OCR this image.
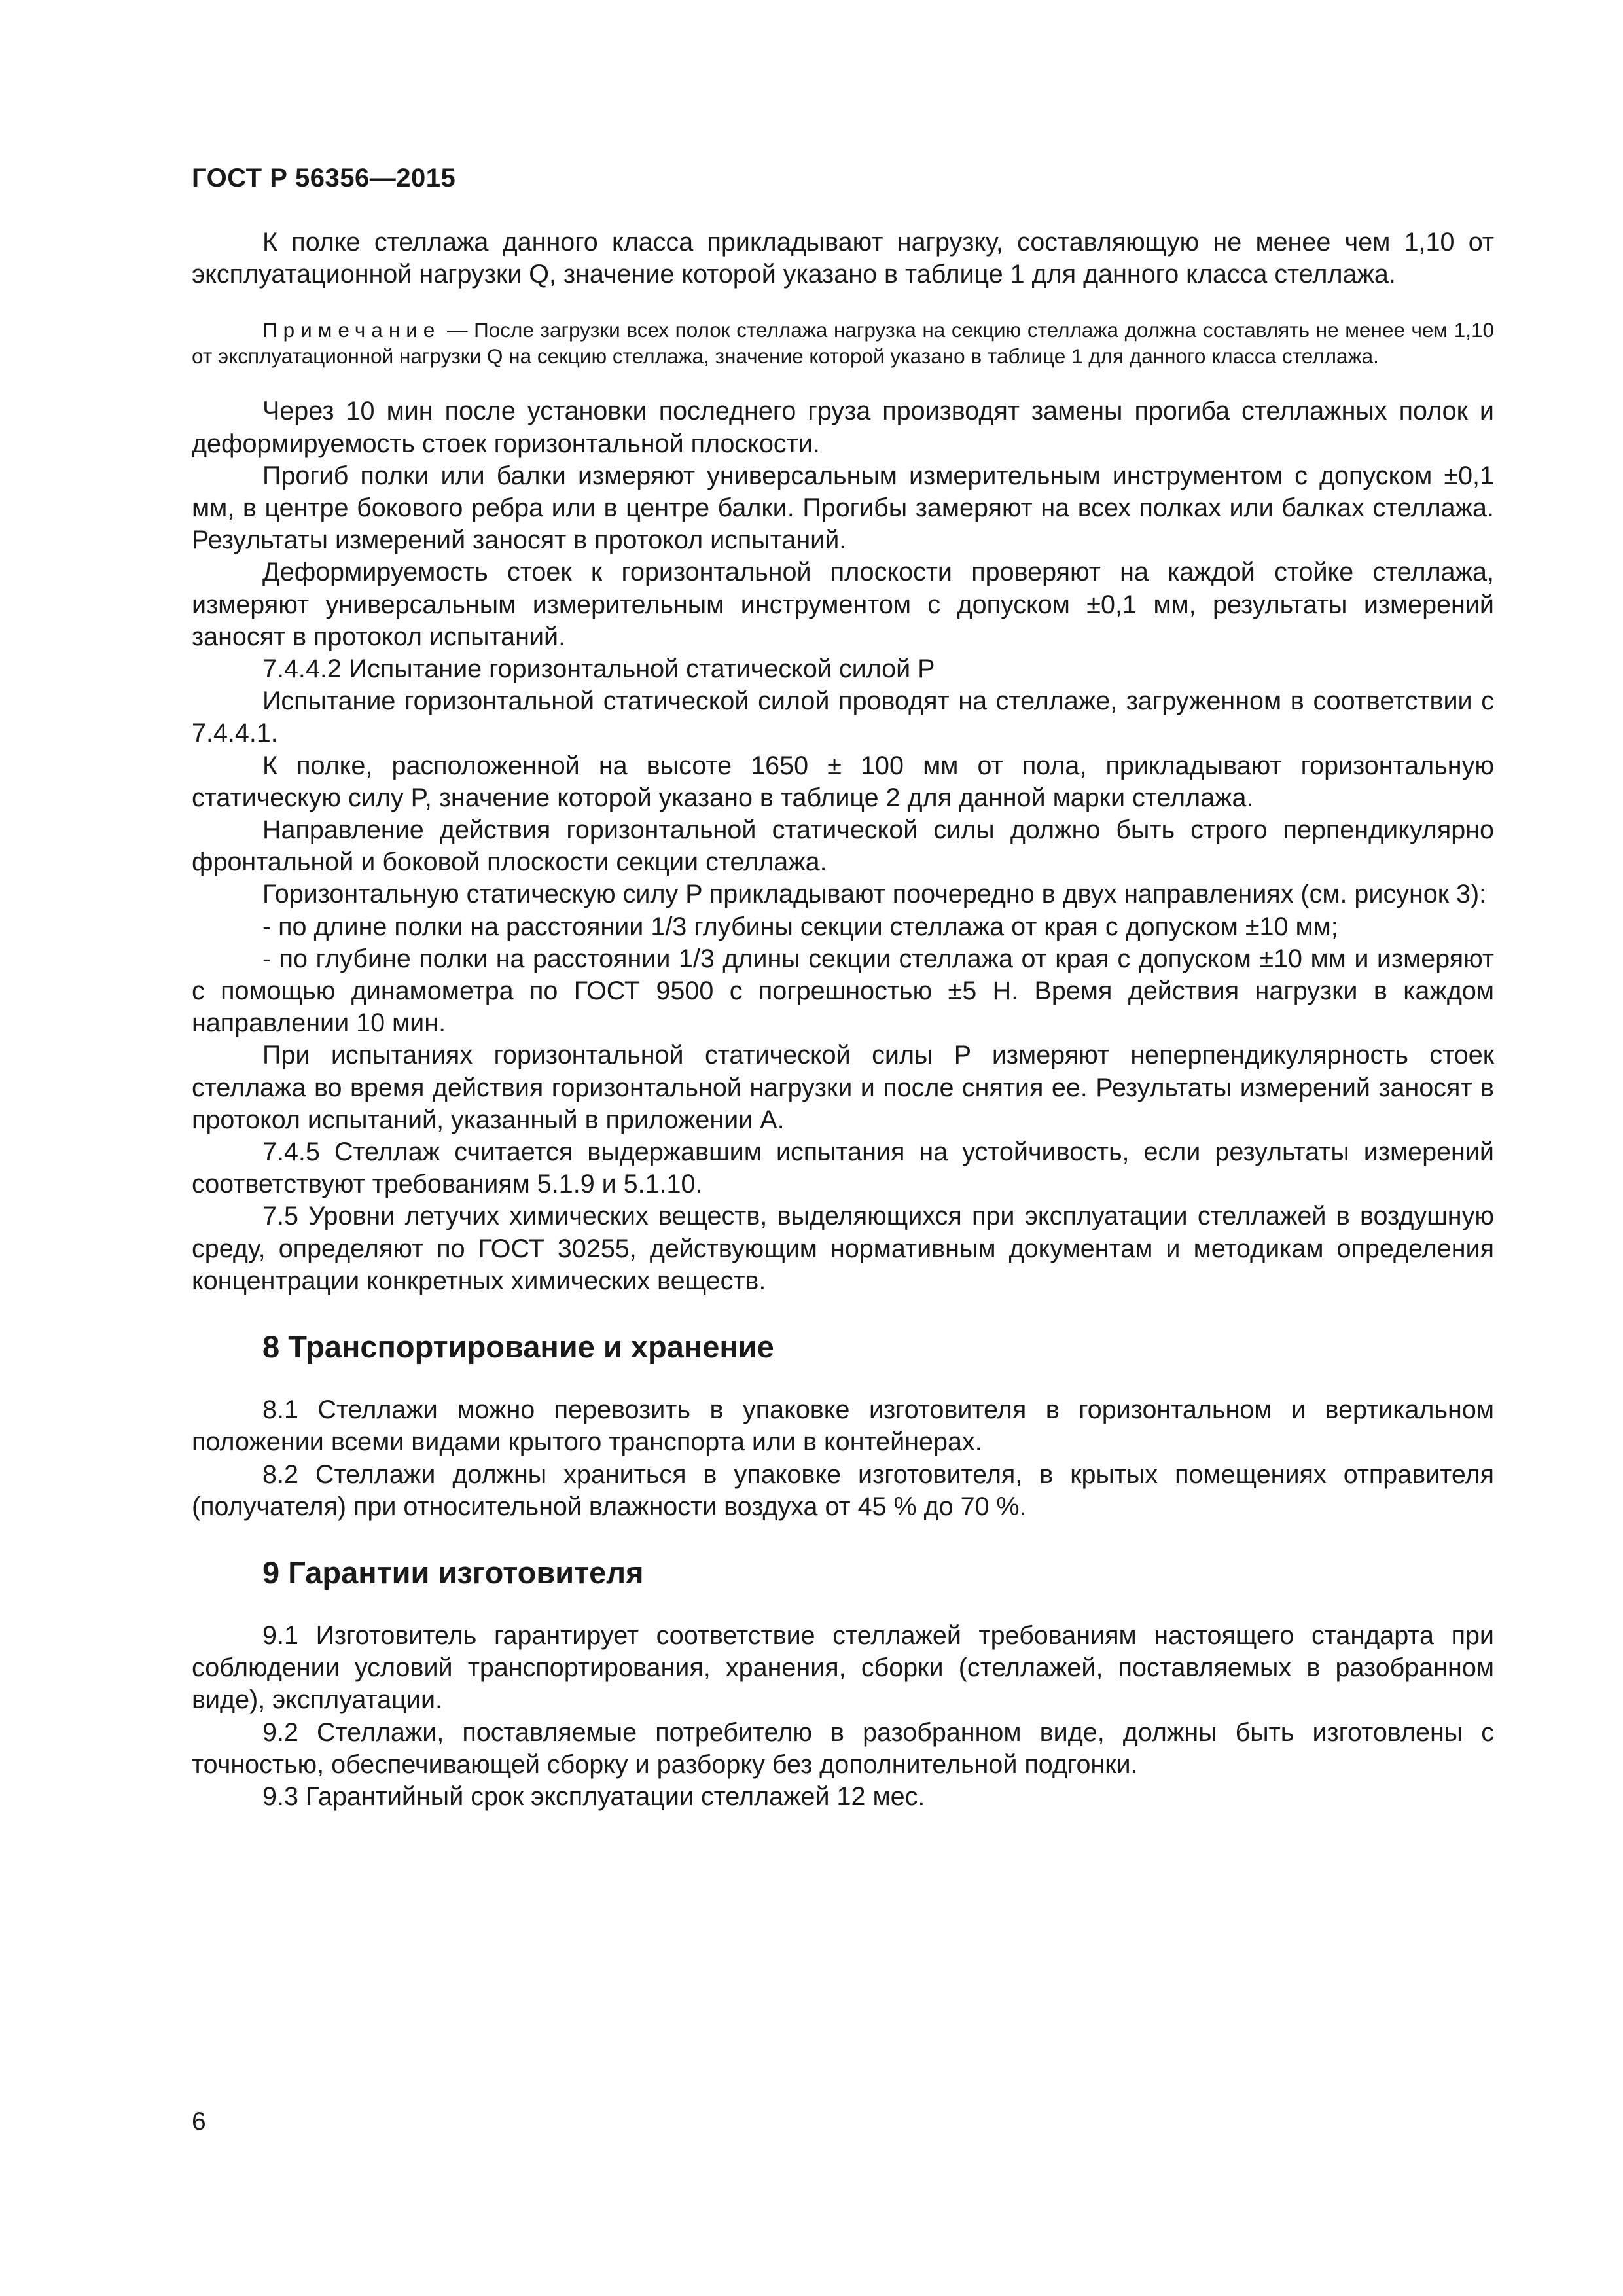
ГОСТ Р 56356—2015

К полке стеллажа данного класса прикладывают нагрузку, составляющую не менее чем 1,10 от эксплуатационной нагрузки Q, значение которой указано в таблице 1 для данного класса стеллажа.

Примечание — После загрузки всех полок стеллажа нагрузка на секцию стеллажа должна составлять не менее чем 1,10 от эксплуатационной нагрузки Q на секцию стеллажа, значение которой указано в таблице 1 для данного класса стеллажа.

Через 10 мин после установки последнего груза производят замены прогиба стеллажных полок и деформируемость стоек горизонтальной плоскости.

Прогиб полки или балки измеряют универсальным измерительным инструментом с допуском ±0,1 мм, в центре бокового ребра или в центре балки. Прогибы замеряют на всех полках или балках стеллажа. Результаты измерений заносят в протокол испытаний.

Деформируемость стоек к горизонтальной плоскости проверяют на каждой стойке стеллажа, измеряют универсальным измерительным инструментом с допуском ±0,1 мм, результаты измерений заносят в протокол испытаний.

7.4.4.2 Испытание горизонтальной статической силой P

Испытание горизонтальной статической силой проводят на стеллаже, загруженном в соответствии с 7.4.4.1.

К полке, расположенной на высоте 1650 ± 100 мм от пола, прикладывают горизонтальную статическую силу P, значение которой указано в таблице 2 для данной марки стеллажа.

Направление действия горизонтальной статической силы должно быть строго перпендикулярно фронтальной и боковой плоскости секции стеллажа.

Горизонтальную статическую силу P прикладывают поочередно в двух направлениях (см. рисунок 3):

- по длине полки на расстоянии 1/3 глубины секции стеллажа от края с допуском ±10 мм;

- по глубине полки на расстоянии 1/3 длины секции стеллажа от края с допуском ±10 мм и измеряют с помощью динамометра по ГОСТ 9500 с погрешностью ±5 Н. Время действия нагрузки в каждом направлении 10 мин.

При испытаниях горизонтальной статической силы P измеряют неперпендикулярность стоек стеллажа во время действия горизонтальной нагрузки и после снятия ее. Результаты измерений заносят в протокол испытаний, указанный в приложении А.

7.4.5 Стеллаж считается выдержавшим испытания на устойчивость, если результаты измерений соответствуют требованиям 5.1.9 и 5.1.10.

7.5 Уровни летучих химических веществ, выделяющихся при эксплуатации стеллажей в воздушную среду, определяют по ГОСТ 30255, действующим нормативным документам и методикам определения концентрации конкретных химических веществ.

8 Транспортирование и хранение

8.1 Стеллажи можно перевозить в упаковке изготовителя в горизонтальном и вертикальном положении всеми видами крытого транспорта или в контейнерах.

8.2 Стеллажи должны храниться в упаковке изготовителя, в крытых помещениях отправителя (получателя) при относительной влажности воздуха от 45 % до 70 %.

9 Гарантии изготовителя

9.1 Изготовитель гарантирует соответствие стеллажей требованиям настоящего стандарта при соблюдении условий транспортирования, хранения, сборки (стеллажей, поставляемых в разобранном виде), эксплуатации.

9.2 Стеллажи, поставляемые потребителю в разобранном виде, должны быть изготовлены с точностью, обеспечивающей сборку и разборку без дополнительной подгонки.

9.3 Гарантийный срок эксплуатации стеллажей 12 мес.

6
